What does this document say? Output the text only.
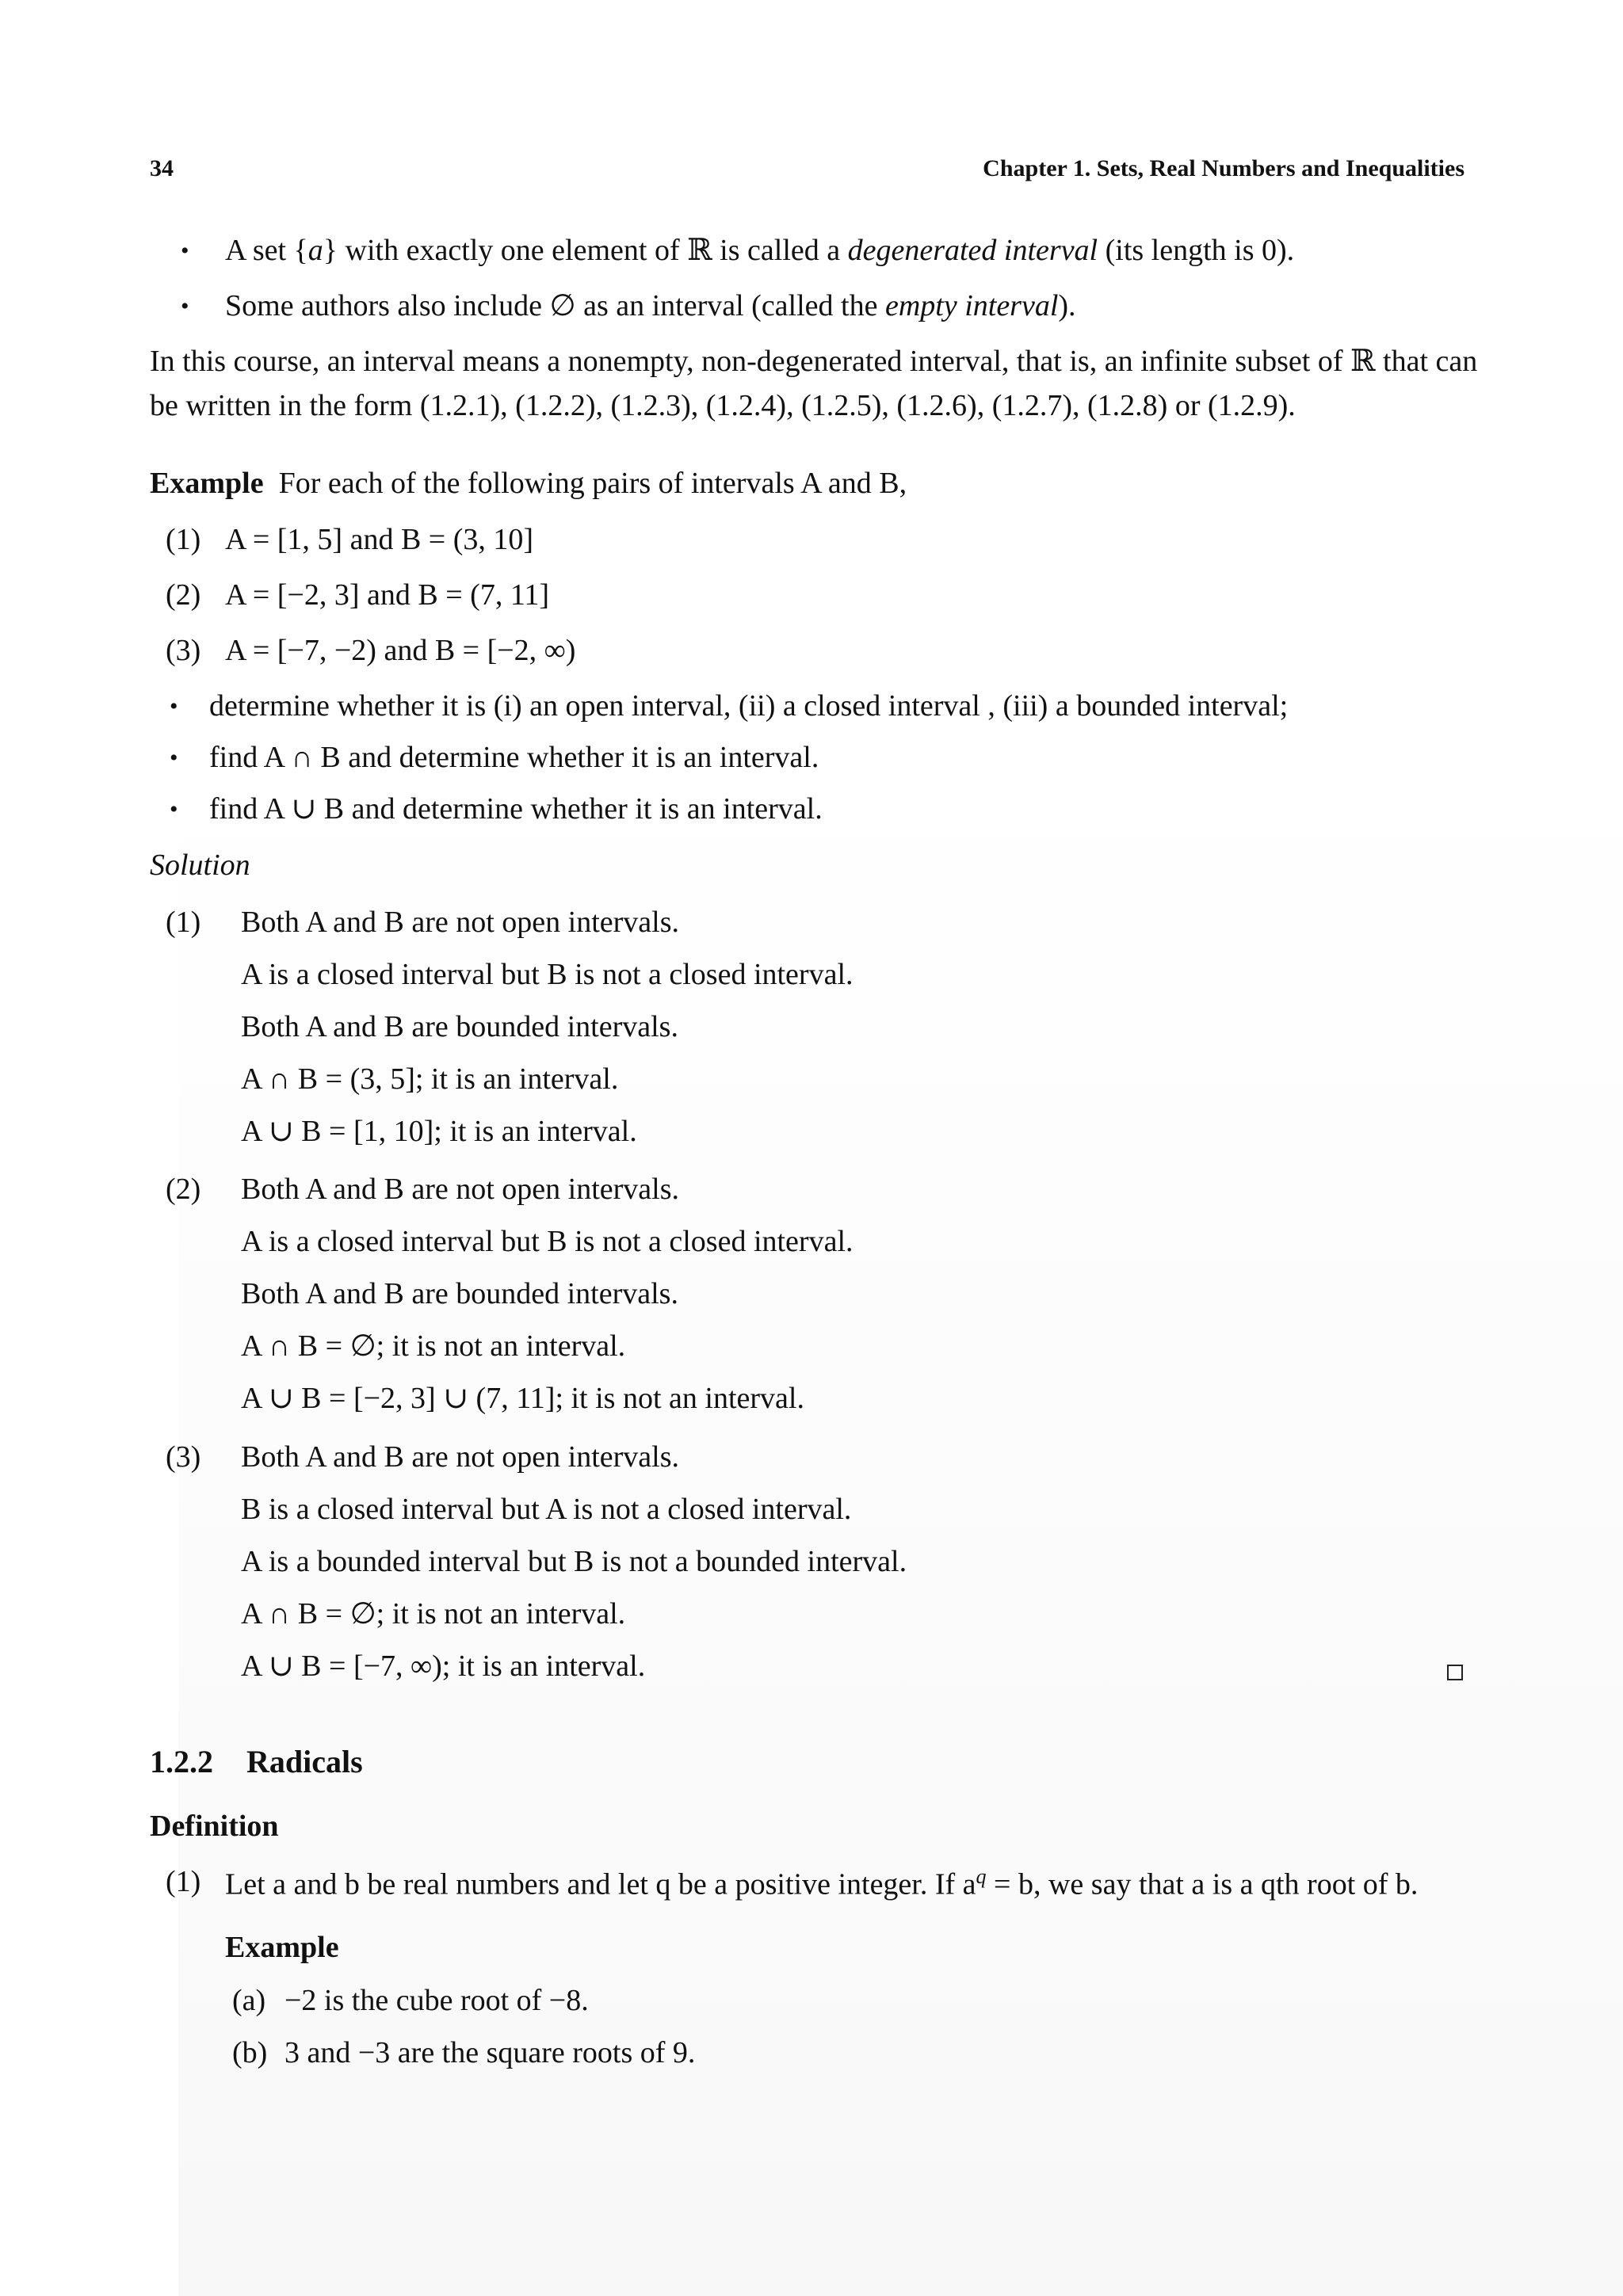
34	Chapter 1. Sets, Real Numbers and Inequalities
• A set {a} with exactly one element of ℝ is called a degenerated interval (its length is 0).
• Some authors also include ∅ as an interval (called the empty interval).
In this course, an interval means a nonempty, non-degenerated interval, that is, an infinite subset of ℝ that can
be written in the form (1.2.1), (1.2.2), (1.2.3), (1.2.4), (1.2.5), (1.2.6), (1.2.7), (1.2.8) or (1.2.9).
Example For each of the following pairs of intervals A and B,
(1) A = [1, 5] and B = (3, 10]
(2) A = [−2, 3] and B = (7, 11]
(3) A = [−7, −2) and B = [−2, ∞)
• determine whether it is (i) an open interval, (ii) a closed interval , (iii) a bounded interval;
• find A ∩ B and determine whether it is an interval.
• find A ∪ B and determine whether it is an interval.
Solution
(1) Both A and B are not open intervals.
A is a closed interval but B is not a closed interval.
Both A and B are bounded intervals.
A ∩ B = (3, 5]; it is an interval.
A ∪ B = [1, 10]; it is an interval.
(2) Both A and B are not open intervals.
A is a closed interval but B is not a closed interval.
Both A and B are bounded intervals.
A ∩ B = ∅; it is not an interval.
A ∪ B = [−2, 3] ∪ (7, 11]; it is not an interval.
(3) Both A and B are not open intervals.
B is a closed interval but A is not a closed interval.
A is a bounded interval but B is not a bounded interval.
A ∩ B = ∅; it is not an interval.
A ∪ B = [−7, ∞); it is an interval.
1.2.2 Radicals
Definition
(1) Let a and b be real numbers and let q be a positive integer. If $a^q = b$, we say that a is a qth root of b.
Example
(a) −2 is the cube root of −8.
(b) 3 and −3 are the square roots of 9.
